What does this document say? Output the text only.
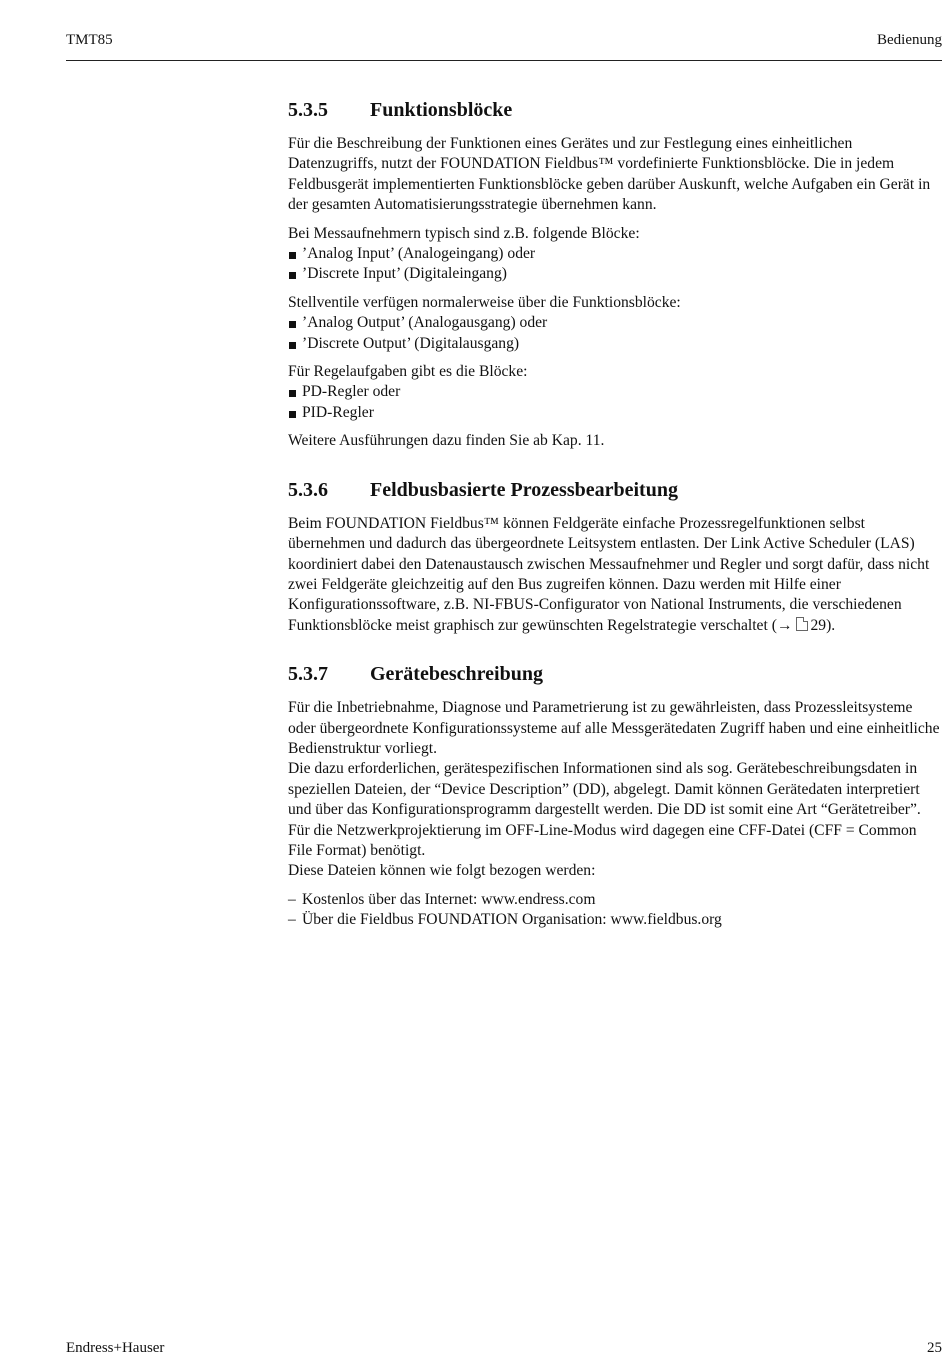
TMT85	Bedienung
5.3.5 Funktionsblöcke

Für die Beschreibung der Funktionen eines Gerätes und zur Festlegung eines einheitlichen Datenzugriffs, nutzt der FOUNDATION Fieldbus™ vordefinierte Funktionsblöcke. Die in jedem Feldbusgerät implementierten Funktionsblöcke geben darüber Auskunft, welche Aufgaben ein Gerät in der gesamten Automatisierungsstrategie übernehmen kann.

Bei Messaufnehmern typisch sind z.B. folgende Blöcke:

’Analog Input’ (Analogeingang) oder
’Discrete Input’ (Digitaleingang)

Stellventile verfügen normalerweise über die Funktionsblöcke:

’Analog Output’ (Analogausgang) oder
’Discrete Output’ (Digitalausgang)

Für Regelaufgaben gibt es die Blöcke:

PD-Regler oder
PID-Regler

Weitere Ausführungen dazu finden Sie ab Kap. 11.

5.3.6 Feldbusbasierte Prozessbearbeitung

Beim FOUNDATION Fieldbus™ können Feldgeräte einfache Prozessregelfunktionen selbst übernehmen und dadurch das übergeordnete Leitsystem entlasten. Der Link Active Scheduler (LAS) koordiniert dabei den Datenaustausch zwischen Messaufnehmer und Regler und sorgt dafür, dass nicht zwei Feldgeräte gleichzeitig auf den Bus zugreifen können. Dazu werden mit Hilfe einer Konfigurationssoftware, z.B. NI-FBUS-Configurator von National Instruments, die verschiedenen Funktionsblöcke meist graphisch zur gewünschten Regelstrategie verschaltet (→ 29).

5.3.7 Gerätebeschreibung

Für die Inbetriebnahme, Diagnose und Parametrierung ist zu gewährleisten, dass Prozessleitsysteme oder übergeordnete Konfigurationssysteme auf alle Messgerätedaten Zugriff haben und eine einheitliche Bedienstruktur vorliegt.

Die dazu erforderlichen, gerätespezifischen Informationen sind als sog. Gerätebeschreibungsdaten in speziellen Dateien, der “Device Description” (DD), abgelegt. Damit können Gerätedaten interpretiert und über das Konfigurationsprogramm dargestellt werden. Die DD ist somit eine Art “Gerätetreiber”.

Für die Netzwerkprojektierung im OFF-Line-Modus wird dagegen eine CFF-Datei (CFF = Common File Format) benötigt.

Diese Dateien können wie folgt bezogen werden:

– Kostenlos über das Internet: www.endress.com
– Über die Fieldbus FOUNDATION Organisation: www.fieldbus.org
Endress+Hauser	25
